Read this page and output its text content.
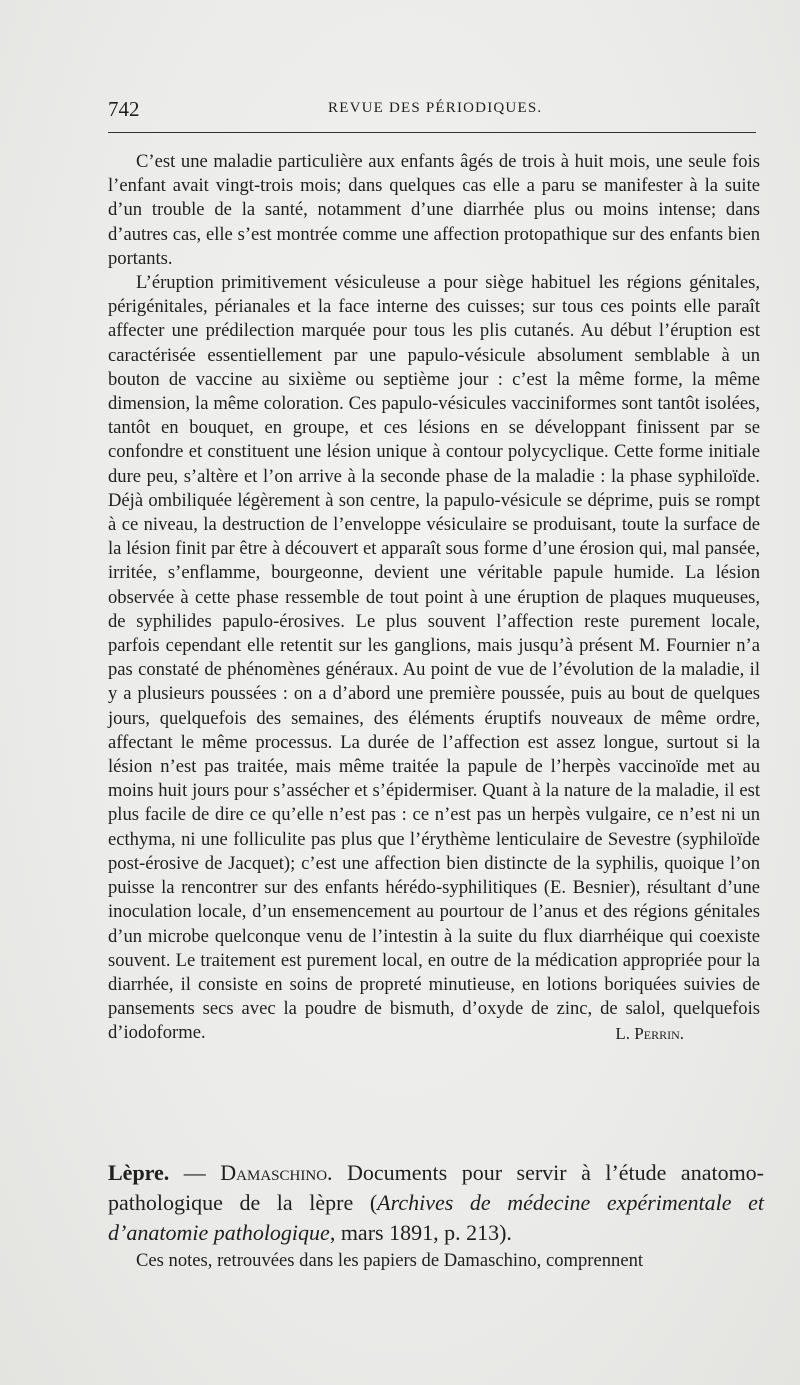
742	REVUE DES PÉRIODIQUES.

C’est une maladie particulière aux enfants âgés de trois à huit mois, une seule fois l’enfant avait vingt-trois mois; dans quelques cas elle a paru se manifester à la suite d’un trouble de la santé, notamment d’une diarrhée plus ou moins intense; dans d’autres cas, elle s’est montrée comme une affection protopathique sur des enfants bien portants.

L’éruption primitivement vésiculeuse a pour siège habituel les régions génitales, périgénitales, périanales et la face interne des cuisses; sur tous ces points elle paraît affecter une prédilection marquée pour tous les plis cutanés. Au début l’éruption est caractérisée essentiellement par une papulo-vésicule absolument semblable à un bouton de vaccine au sixième ou septième jour : c’est la même forme, la même dimension, la même coloration. Ces papulo-vésicules vacciniformes sont tantôt isolées, tantôt en bouquet, en groupe, et ces lésions en se développant finissent par se confondre et constituent une lésion unique à contour polycyclique. Cette forme initiale dure peu, s’altère et l’on arrive à la seconde phase de la maladie : la phase syphiloïde. Déjà ombiliquée légèrement à son centre, la papulo-vésicule se déprime, puis se rompt à ce niveau, la destruction de l’enveloppe vésiculaire se produisant, toute la surface de la lésion finit par être à découvert et apparaît sous forme d’une érosion qui, mal pansée, irritée, s’enflamme, bourgeonne, devient une véritable papule humide. La lésion observée à cette phase ressemble de tout point à une éruption de plaques muqueuses, de syphilides papulo-érosives. Le plus souvent l’affection reste purement locale, parfois cependant elle retentit sur les ganglions, mais jusqu’à présent M. Fournier n’a pas constaté de phénomènes généraux. Au point de vue de l’évolution de la maladie, il y a plusieurs poussées : on a d’abord une première poussée, puis au bout de quelques jours, quelquefois des semaines, des éléments éruptifs nouveaux de même ordre, affectant le même processus. La durée de l’affection est assez longue, surtout si la lésion n’est pas traitée, mais même traitée la papule de l’herpès vaccinoïde met au moins huit jours pour s’assécher et s’épidermiser. Quant à la nature de la maladie, il est plus facile de dire ce qu’elle n’est pas : ce n’est pas un herpès vulgaire, ce n’est ni un ecthyma, ni une folliculite pas plus que l’érythème lenticulaire de Sevestre (syphiloïde post-érosive de Jacquet); c’est une affection bien distincte de la syphilis, quoique l’on puisse la rencontrer sur des enfants hérédo-syphilitiques (E. Besnier), résultant d’une inoculation locale, d’un ensemencement au pourtour de l’anus et des régions génitales d’un microbe quelconque venu de l’intestin à la suite du flux diarrhéique qui coexiste souvent. Le traitement est purement local, en outre de la médication appropriée pour la diarrhée, il consiste en soins de propreté minutieuse, en lotions boriquées suivies de pansements secs avec la poudre de bismuth, d’oxyde de zinc, de salol, quelquefois d’iodoforme.	L. Perrin.

Lèpre. — Damaschino. Documents pour servir à l’étude anatomo-pathologique de la lèpre (Archives de médecine expérimentale et d’anatomie pathologique, mars 1891, p. 213).
Ces notes, retrouvées dans les papiers de Damaschino, comprennent
